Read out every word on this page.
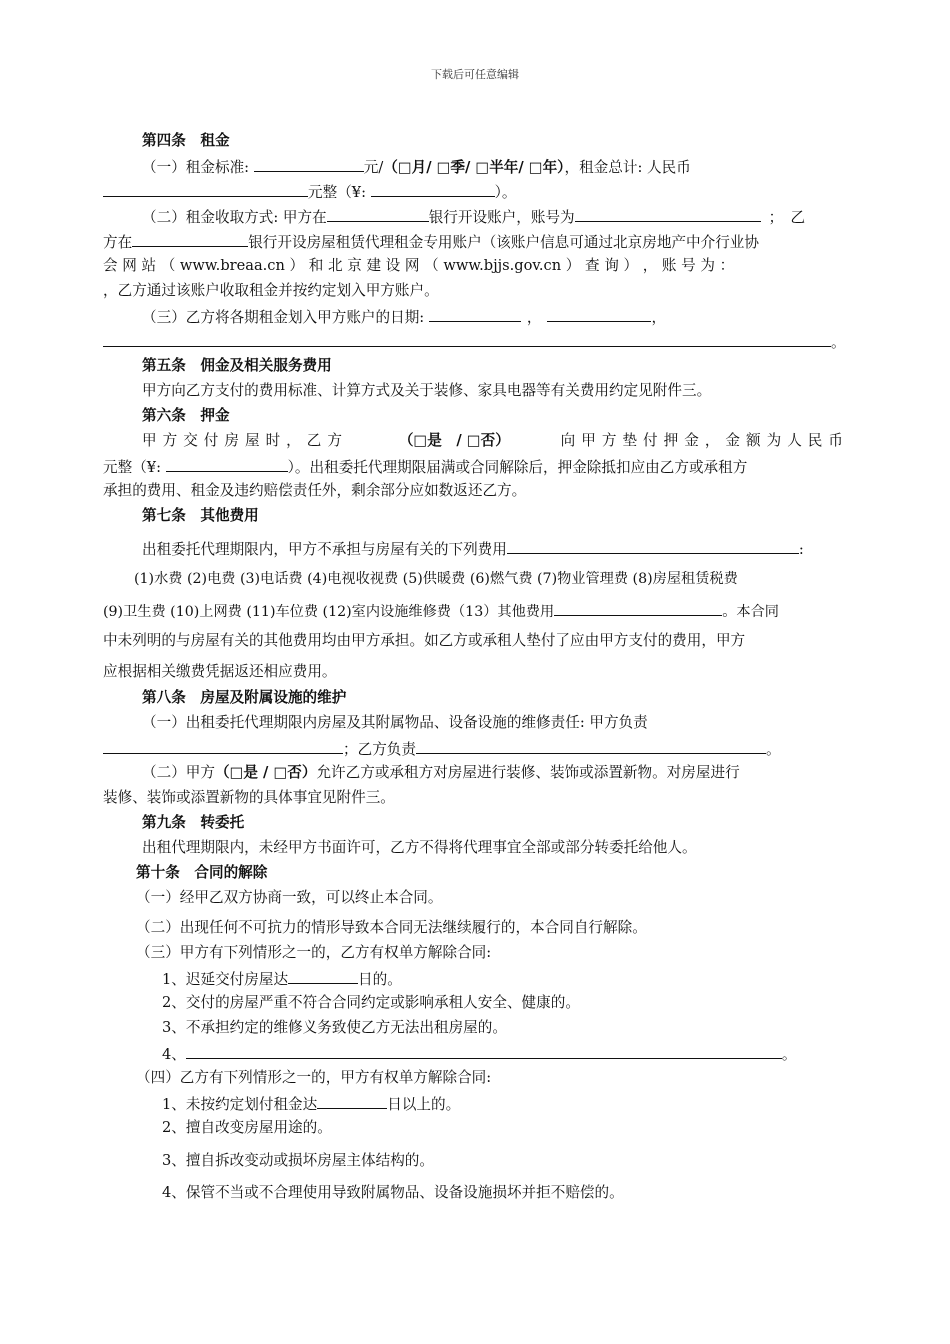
下载后可任意编辑
第四条　租金
（一）租金标准:	元/（□月/ □季/ □半年/ □年），租金总计: 人民币
元整（¥:	）。
（二）租金收取方式: 甲方在	银行开设账户，账号为	；　乙
方在	银行开设房屋租赁代理租金专用账户（该账户信息可通过北京房地产中介行业协
会 网 站 （ www.breaa.cn ） 和 北 京 建 设 网 （ www.bjjs.gov.cn ） 查 询 ） ， 账 号 为 ：
，乙方通过该账户收取租金并按约定划入甲方账户。
（三）乙方将各期租金划入甲方账户的日期:	，	，
。
第五条　佣金及相关服务费用
甲方向乙方支付的费用标准、计算方式及关于装修、家具电器等有关费用约定见附件三。
第六条　押金
甲方交付房屋时，乙方	（□是　/ □否）	向甲方垫付押金，金额为人民币
元整（¥:	）。出租委托代理期限届满或合同解除后，押金除抵扣应由乙方或承租方
承担的费用、租金及违约赔偿责任外，剩余部分应如数返还乙方。
第七条　其他费用
出租委托代理期限内，甲方不承担与房屋有关的下列费用	:
(1)水费 (2)电费 (3)电话费 (4)电视收视费 (5)供暖费 (6)燃气费 (7)物业管理费 (8)房屋租赁税费
(9)卫生费 (10)上网费 (11)车位费 (12)室内设施维修费（13）其他费用	。本合同
中未列明的与房屋有关的其他费用均由甲方承担。如乙方或承租人垫付了应由甲方支付的费用，甲方
应根据相关缴费凭据返还相应费用。
第八条　房屋及附属设施的维护
（一）出租委托代理期限内房屋及其附属物品、设备设施的维修责任: 甲方负责
；乙方负责	。
（二）甲方（□是 / □否）允许乙方或承租方对房屋进行装修、装饰或添置新物。对房屋进行
装修、装饰或添置新物的具体事宜见附件三。
第九条　转委托
出租代理期限内，未经甲方书面许可，乙方不得将代理事宜全部或部分转委托给他人。
第十条　合同的解除
（一）经甲乙双方协商一致，可以终止本合同。
（二）出现任何不可抗力的情形导致本合同无法继续履行的，本合同自行解除。
（三）甲方有下列情形之一的，乙方有权单方解除合同:
1、迟延交付房屋达	日的。
2、交付的房屋严重不符合合同约定或影响承租人安全、健康的。
3、不承担约定的维修义务致使乙方无法出租房屋的。
4、	。
（四）乙方有下列情形之一的，甲方有权单方解除合同:
1、未按约定划付租金达	日以上的。
2、擅自改变房屋用途的。
3、擅自拆改变动或损坏房屋主体结构的。
4、保管不当或不合理使用导致附属物品、设备设施损坏并拒不赔偿的。
